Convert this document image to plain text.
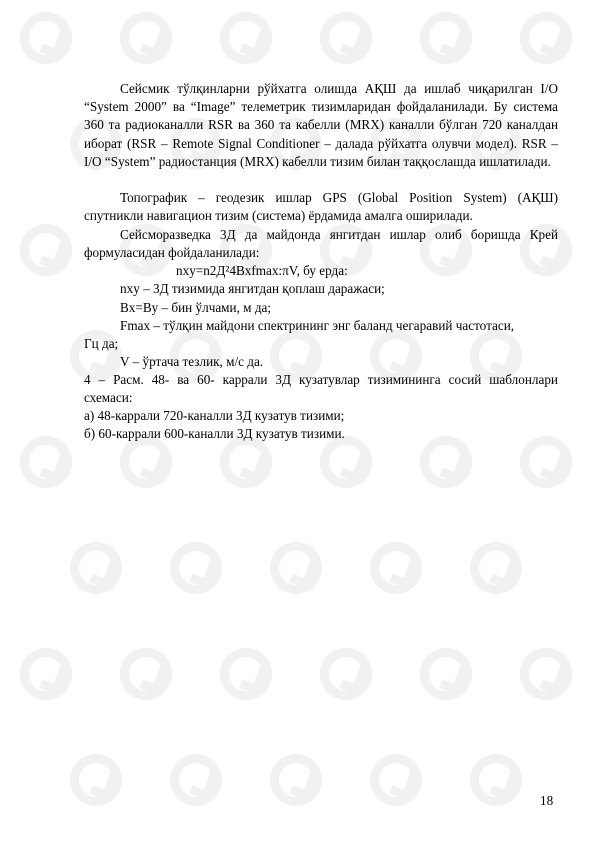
Сейсмик тўлқинларни рўйхатга олишда АҚШ да ишлаб чиқарилган I/O “System 2000” ва “Image” телеметрик тизимларидан фойдаланилади. Бу система 360 та радиоканалли RSR ва 360 та кабелли (MRX) каналли бўлган 720 каналдан иборат (RSR – Remote Signal Conditioner – далада рўйхатга олувчи модел). RSR – I/O “System” радиостанция (MRX) кабелли тизим билан таққослашда ишлатилади.

Топографик – геодезик ишлар GPS (Global Position System) (АҚШ) спутникли навигацион тизим (система) ёрдамида амалга оширилади.

Сейсморазведка 3Д да майдонда янгитдан ишлар олиб боришда Крей формуласидан фойдаланилади:

nxy=n2Д²4Bxfmax:πV, бу ерда:

nxy – 3Д тизимида янгитдан қоплаш даражаси;

Bx=By – бин ўлчами, м да;

Fmax – тўлқин майдони спектрининг энг баланд чегаравий частотаси,

Гц да;

V – ўртача тезлик, м/с да.

4 – Расм. 48- ва 60- каррали 3Д кузатувлар тизимининга сосий шаблонлари схемаси:

а) 48-каррали 720-каналли 3Д кузатув тизими;

б) 60-каррали 600-каналли 3Д кузатув тизими.

18
